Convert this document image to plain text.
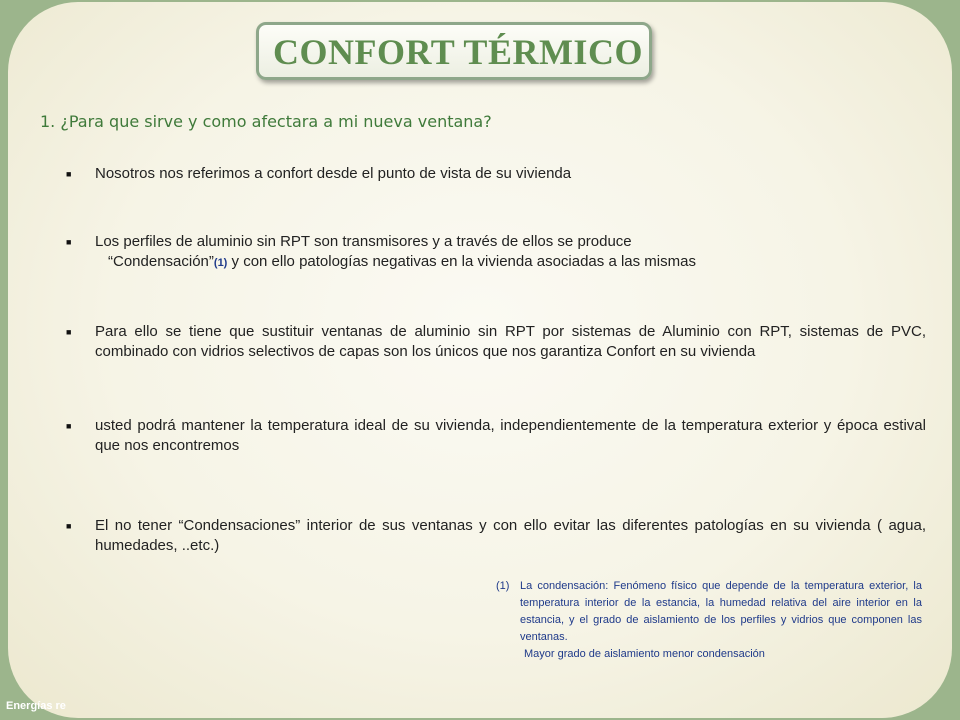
Energías re
CONFORT TÉRMICO
1. ¿Para que sirve y como afectara a mi nueva ventana?
■ Nosotros nos referimos a confort desde el punto de vista de su vivienda
■ Los perfiles de aluminio sin RPT son transmisores y a través de ellos se produce
“Condensación”(1) y con ello patologías negativas en la vivienda asociadas a las mismas
■ Para ello se tiene que sustituir ventanas de aluminio sin RPT por sistemas de Aluminio con RPT, sistemas de PVC, combinado con vidrios selectivos de capas son los únicos que nos garantiza Confort en su vivienda
■ usted podrá mantener la temperatura ideal de su vivienda, independientemente de la temperatura exterior y época estival que nos encontremos
■ El no tener “Condensaciones” interior de sus ventanas y con ello evitar las diferentes patologías en su vivienda ( agua, humedades, ..etc.)
(1) La condensación: Fenómeno físico que depende de la temperatura exterior, la temperatura interior de la estancia, la humedad relativa del aire interior en la estancia, y el grado de aislamiento de los perfiles y vidrios que componen las ventanas.
Mayor grado de aislamiento menor condensación
